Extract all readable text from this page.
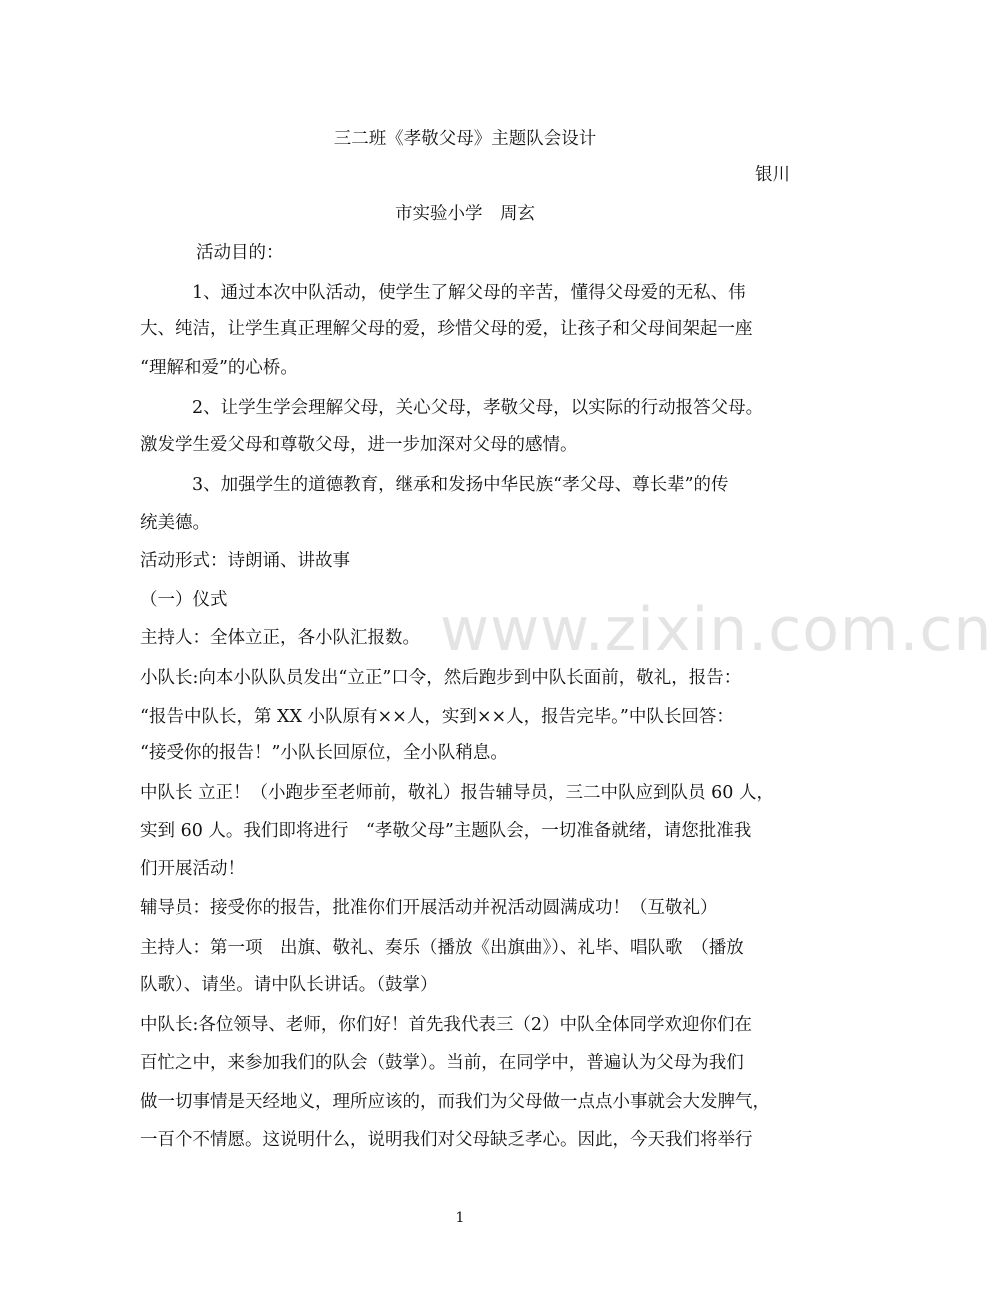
三二班《孝敬父母》主题队会设计
银川
市实验小学　周玄
活动目的：
1、通过本次中队活动，使学生了解父母的辛苦，懂得父母爱的无私、伟
大、纯洁，让学生真正理解父母的爱，珍惜父母的爱，让孩子和父母间架起一座
“理解和爱”的心桥。
2、让学生学会理解父母，关心父母，孝敬父母，以实际的行动报答父母。
激发学生爱父母和尊敬父母，进一步加深对父母的感情。
3、加强学生的道德教育，继承和发扬中华民族“孝父母、尊长辈”的传
统美德。
活动形式：诗朗诵、讲故事
（一）仪式
主持人：全体立正，各小队汇报数。
小队长:向本小队队员发出“立正”口令，然后跑步到中队长面前，敬礼，报告：
“报告中队长，第 XX 小队原有××人，实到××人，报告完毕。”中队长回答：
“接受你的报告！”小队长回原位，全小队稍息。
中队长 立正！（小跑步至老师前，敬礼）报告辅导员，三二中队应到队员 60 人，
实到 60 人。我们即将进行　“孝敬父母”主题队会，一切准备就绪，请您批准我
们开展活动！
辅导员：接受你的报告，批准你们开展活动并祝活动圆满成功！（互敬礼）
主持人：第一项　出旗、敬礼、奏乐（播放《出旗曲》）、礼毕、唱队歌　（播放
队歌）、请坐。请中队长讲话。（鼓掌）
中队长:各位领导、老师，你们好！首先我代表三（2）中队全体同学欢迎你们在
百忙之中，来参加我们的队会（鼓掌）。当前，在同学中，普遍认为父母为我们
做一切事情是天经地义，理所应该的，而我们为父母做一点点小事就会大发脾气，
一百个不情愿。这说明什么，说明我们对父母缺乏孝心。因此，今天我们将举行
www.zixin.com.cn
1
